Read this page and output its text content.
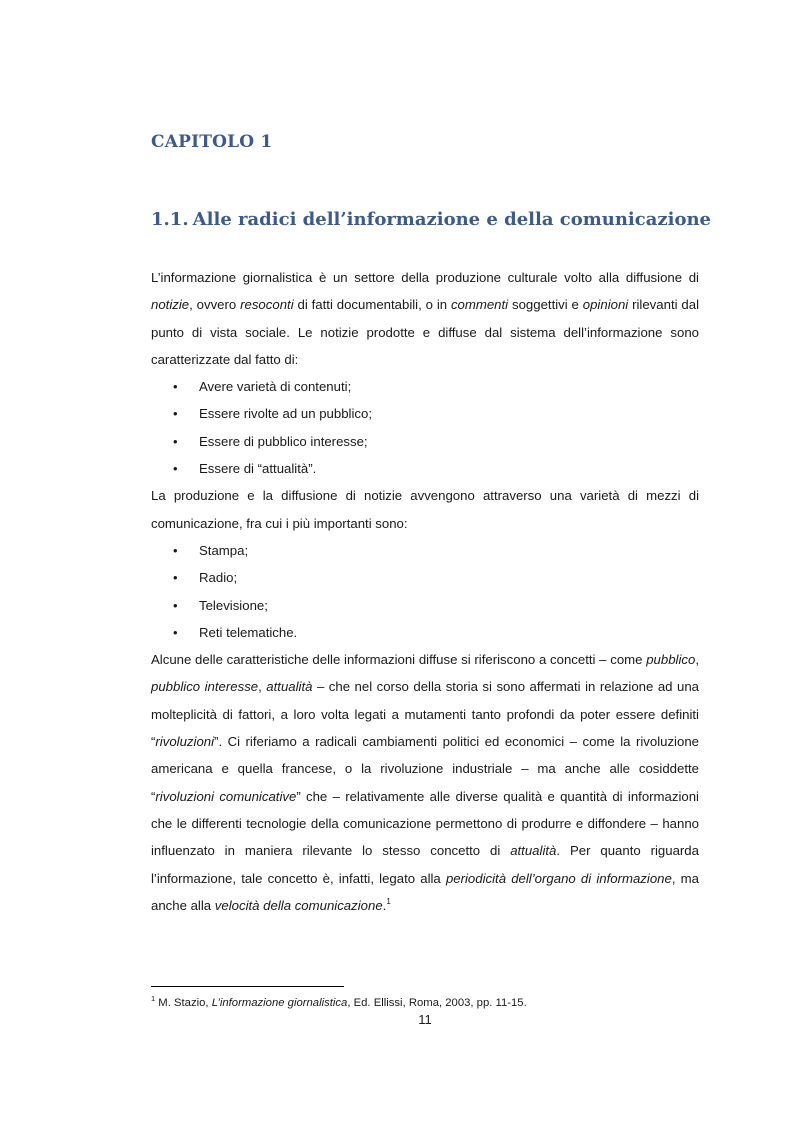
CAPITOLO 1
1.1. Alle radici dell’informazione e della comunicazione

L’informazione giornalistica è un settore della produzione culturale volto alla diffusione di notizie, ovvero resoconti di fatti documentabili, o in commenti soggettivi e opinioni rilevanti dal punto di vista sociale. Le notizie prodotte e diffuse dal sistema dell’informazione sono caratterizzate dal fatto di:

• Avere varietà di contenuti;
• Essere rivolte ad un pubblico;
• Essere di pubblico interesse;
• Essere di “attualità”.

La produzione e la diffusione di notizie avvengono attraverso una varietà di mezzi di comunicazione, fra cui i più importanti sono:

• Stampa;
• Radio;
• Televisione;
• Reti telematiche.

Alcune delle caratteristiche delle informazioni diffuse si riferiscono a concetti – come pubblico, pubblico interesse, attualità – che nel corso della storia si sono affermati in relazione ad una molteplicità di fattori, a loro volta legati a mutamenti tanto profondi da poter essere definiti “rivoluzioni”. Ci riferiamo a radicali cambiamenti politici ed economici – come la rivoluzione americana e quella francese, o la rivoluzione industriale – ma anche alle cosiddette “rivoluzioni comunicative” che – relativamente alle diverse qualità e quantità di informazioni che le differenti tecnologie della comunicazione permettono di produrre e diffondere – hanno influenzato in maniera rilevante lo stesso concetto di attualità. Per quanto riguarda l’informazione, tale concetto è, infatti, legato alla periodicità dell’organo di informazione, ma anche alla velocità della comunicazione.$^1$

$^1$ M. Stazio, L’informazione giornalistica, Ed. Ellissi, Roma, 2003, pp. 11-15.

11
